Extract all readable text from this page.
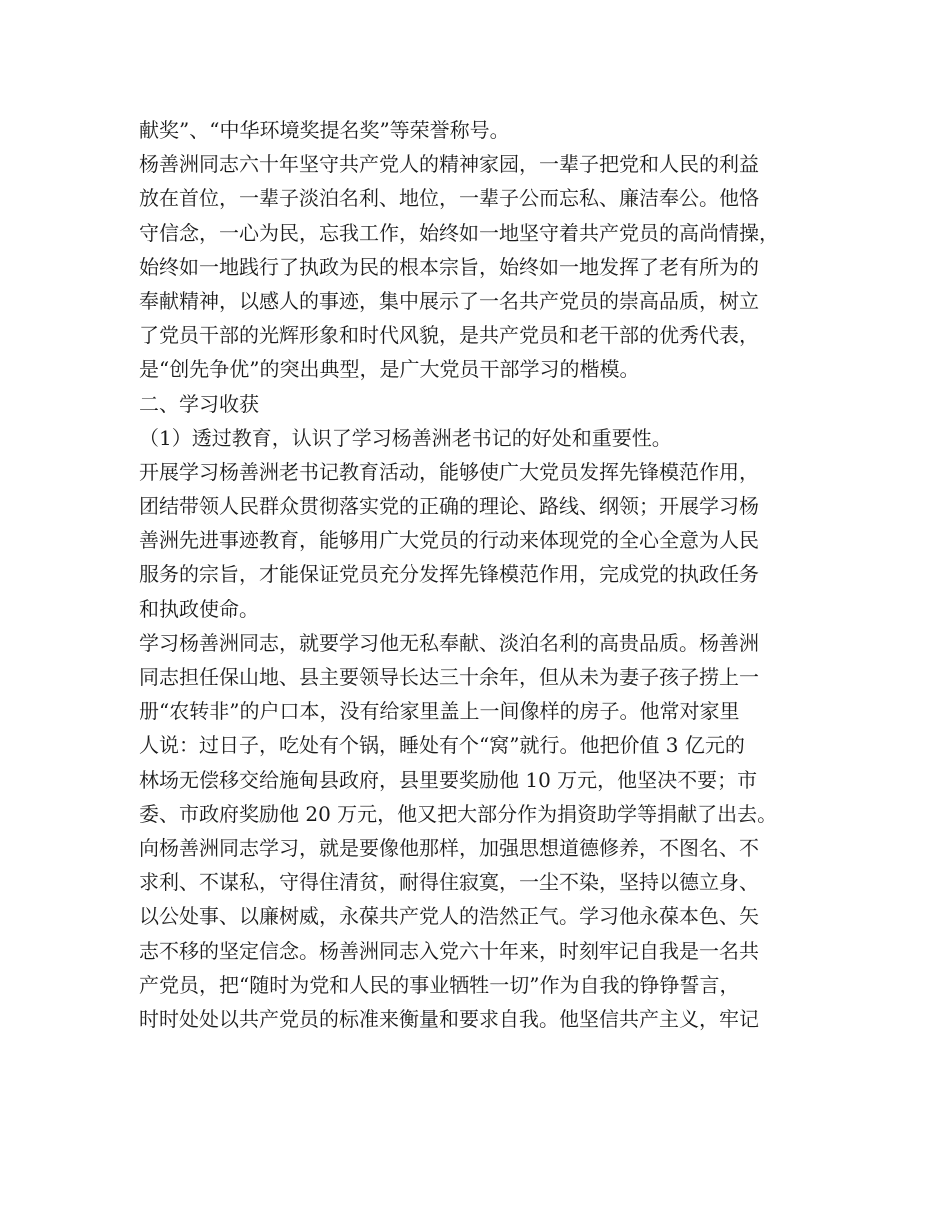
献奖”、“中华环境奖提名奖”等荣誉称号。
杨善洲同志六十年坚守共产党人的精神家园，一辈子把党和人民的利益
放在首位，一辈子淡泊名利、地位，一辈子公而忘私、廉洁奉公。他恪
守信念，一心为民，忘我工作，始终如一地坚守着共产党员的高尚情操，
始终如一地践行了执政为民的根本宗旨，始终如一地发挥了老有所为的
奉献精神，以感人的事迹，集中展示了一名共产党员的崇高品质，树立
了党员干部的光辉形象和时代风貌，是共产党员和老干部的优秀代表，
是“创先争优”的突出典型，是广大党员干部学习的楷模。
二、学习收获
（1）透过教育，认识了学习杨善洲老书记的好处和重要性。
开展学习杨善洲老书记教育活动，能够使广大党员发挥先锋模范作用，
团结带领人民群众贯彻落实党的正确的理论、路线、纲领；开展学习杨
善洲先进事迹教育，能够用广大党员的行动来体现党的全心全意为人民
服务的宗旨，才能保证党员充分发挥先锋模范作用，完成党的执政任务
和执政使命。
学习杨善洲同志，就要学习他无私奉献、淡泊名利的高贵品质。杨善洲
同志担任保山地、县主要领导长达三十余年，但从未为妻子孩子捞上一
册“农转非”的户口本，没有给家里盖上一间像样的房子。他常对家里
人说：过日子，吃处有个锅，睡处有个“窝”就行。他把价值 3 亿元的
林场无偿移交给施甸县政府，县里要奖励他 10 万元，他坚决不要；市
委、市政府奖励他 20 万元，他又把大部分作为捐资助学等捐献了出去。
向杨善洲同志学习，就是要像他那样，加强思想道德修养，不图名、不
求利、不谋私，守得住清贫，耐得住寂寞，一尘不染，坚持以德立身、
以公处事、以廉树威，永葆共产党人的浩然正气。学习他永葆本色、矢
志不移的坚定信念。杨善洲同志入党六十年来，时刻牢记自我是一名共
产党员，把“随时为党和人民的事业牺牲一切”作为自我的铮铮誓言，
时时处处以共产党员的标准来衡量和要求自我。他坚信共产主义，牢记
